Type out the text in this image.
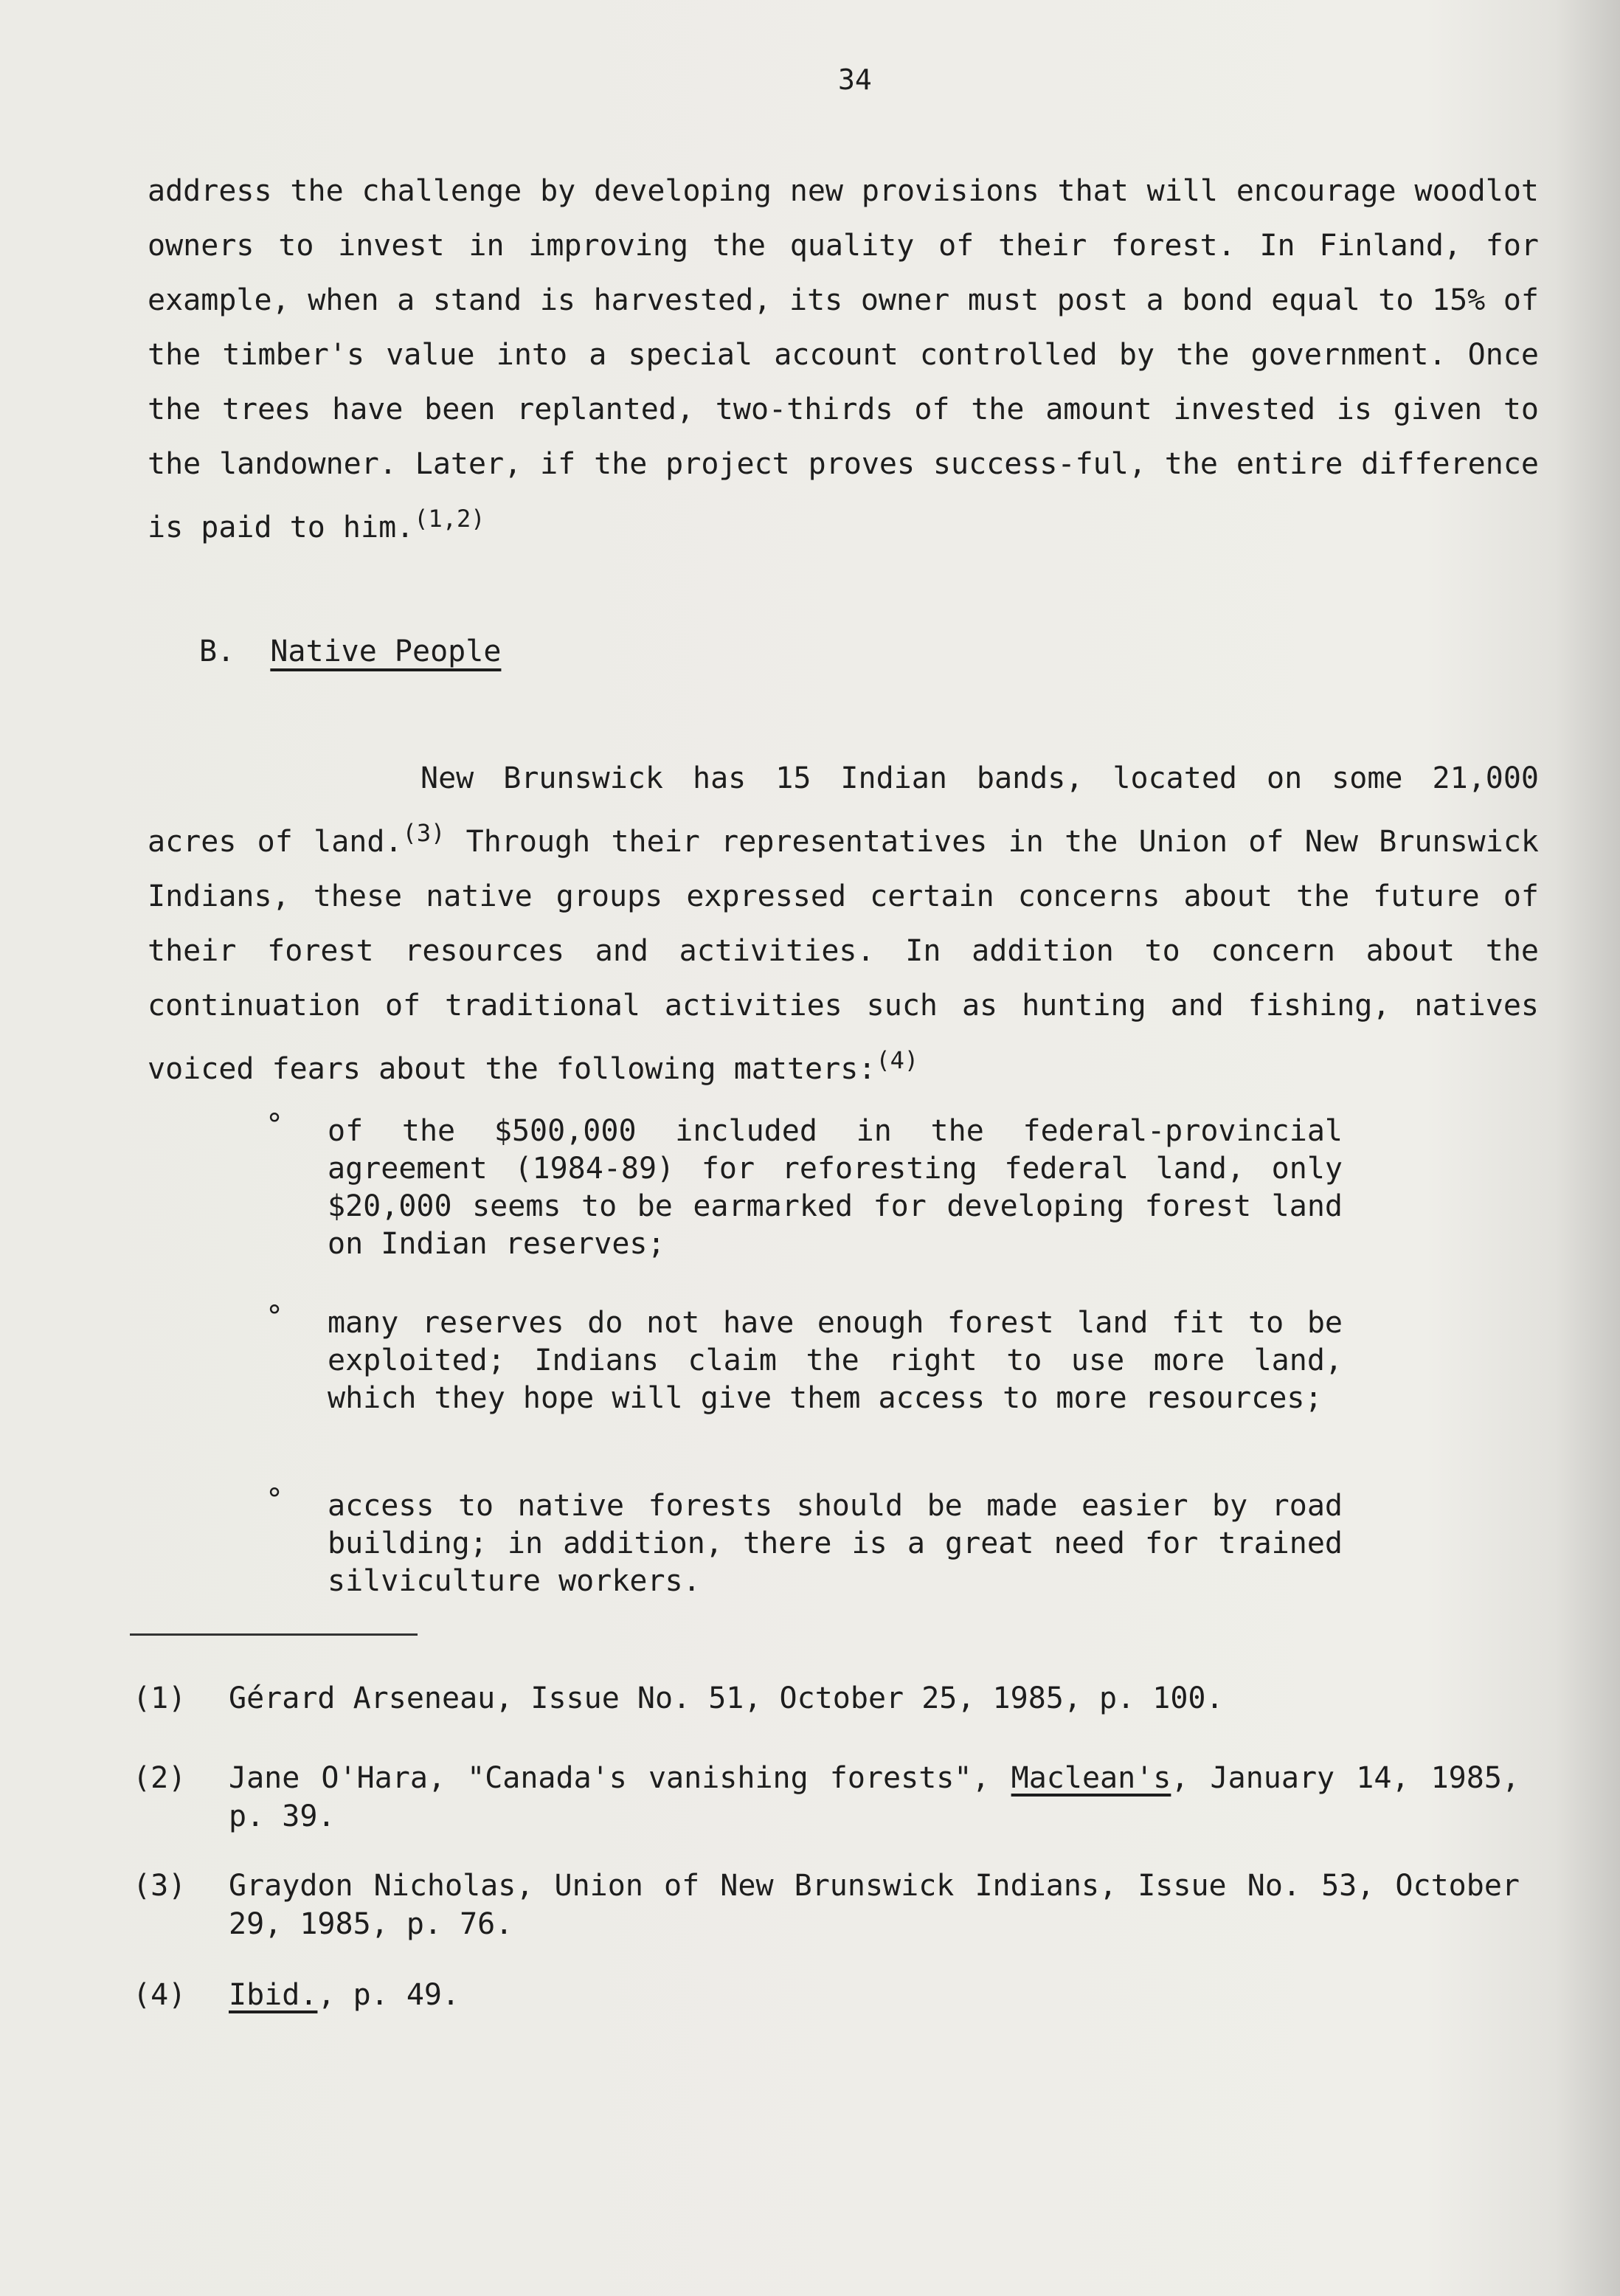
34

address the challenge by developing new provisions that will encourage woodlot owners to invest in improving the quality of their forest. In Finland, for example, when a stand is harvested, its owner must post a bond equal to 15% of the timber's value into a special account controlled by the government. Once the trees have been replanted, two-thirds of the amount invested is given to the landowner. Later, if the project proves success-ful, the entire difference is paid to him.$^{(1,2)}$

B. Native People

New Brunswick has 15 Indian bands, located on some 21,000 acres of land.$^{(3)}$ Through their representatives in the Union of New Brunswick Indians, these native groups expressed certain concerns about the future of their forest resources and activities. In addition to concern about the continuation of traditional activities such as hunting and fishing, natives voiced fears about the following matters:$^{(4)}$

° of the $500,000 included in the federal-provincial agreement (1984-89) for reforesting federal land, only $20,000 seems to be earmarked for developing forest land on Indian reserves;

° many reserves do not have enough forest land fit to be exploited; Indians claim the right to use more land, which they hope will give them access to more resources;

° access to native forests should be made easier by road building; in addition, there is a great need for trained silviculture workers.

(1) Gérard Arseneau, Issue No. 51, October 25, 1985, p. 100.
(2) Jane O'Hara, "Canada's vanishing forests", Maclean's, January 14, 1985, p. 39.
(3) Graydon Nicholas, Union of New Brunswick Indians, Issue No. 53, October 29, 1985, p. 76.
(4) Ibid., p. 49.
